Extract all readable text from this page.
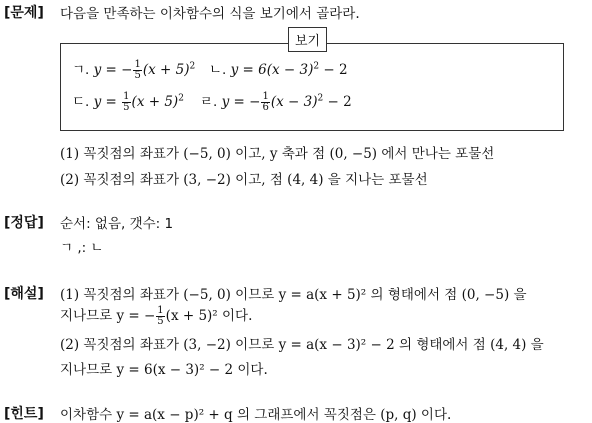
[문제] 다음을 만족하는 이차함수의 식을 보기에서 골라라.
보기
ㄱ. y = − $\frac{1}{5} (x + 5)^2$ ㄴ. $y = 6(x - 3)^2 - 2$
ㄷ. $y = \frac{1}{5} (x + 5)^2$ ㄹ. y = − $\frac{1}{6} (x - 3)^2 - 2$
(1) 꼭짓점의 좌표가 (−5, 0) 이고, y 축과 점 (0, −5) 에서 만나는 포물선
(2) 꼭짓점의 좌표가 (3, −2) 이고, 점 (4, 4) 을 지나는 포물선
[정답] 순서: 없음, 갯수: 1
ㄱ ,: ㄴ
[해설] (1) 꼭짓점의 좌표가 (−5, 0) 이므로 y = a(x + 5)² 의 형태에서 점 (0, −5) 을
지나므로 y = − $\frac{1}{5} (x + 5)^2$ 이다.
(2) 꼭짓점의 좌표가 (3, −2) 이므로 y = a(x − 3)² − 2 의 형태에서 점 (4, 4) 을
지나므로 y = 6(x − 3)² − 2 이다.
[힌트] 이차함수 y = a(x − p)² + q 의 그래프에서 꼭짓점은 (p, q) 이다.
